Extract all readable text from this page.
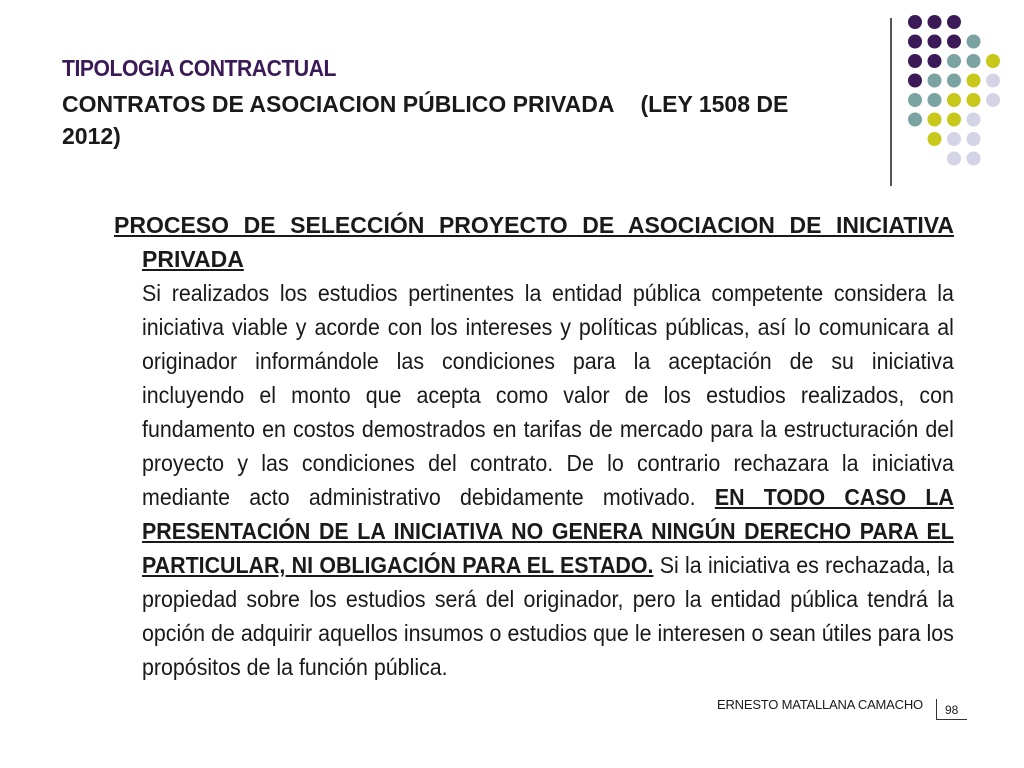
TIPOLOGIA CONTRACTUAL
CONTRATOS DE ASOCIACION PÚBLICO PRIVADA (LEY 1508 DE 2012)

PROCESO DE SELECCIÓN PROYECTO DE ASOCIACION DE INICIATIVA PRIVADA

Si realizados los estudios pertinentes la entidad pública competente considera la iniciativa viable y acorde con los intereses y políticas públicas, así lo comunicara al originador informándole las condiciones para la aceptación de su iniciativa incluyendo el monto que acepta como valor de los estudios realizados, con fundamento en costos demostrados en tarifas de mercado para la estructuración del proyecto y las condiciones del contrato. De lo contrario rechazara la iniciativa mediante acto administrativo debidamente motivado. EN TODO CASO LA PRESENTACIÓN DE LA INICIATIVA NO GENERA NINGÚN DERECHO PARA EL PARTICULAR, NI OBLIGACIÓN PARA EL ESTADO. Si la iniciativa es rechazada, la propiedad sobre los estudios será del originador, pero la entidad pública tendrá la opción de adquirir aquellos insumos o estudios que le interesen o sean útiles para los propósitos de la función pública.

ERNESTO MATALLANA CAMACHO 98
